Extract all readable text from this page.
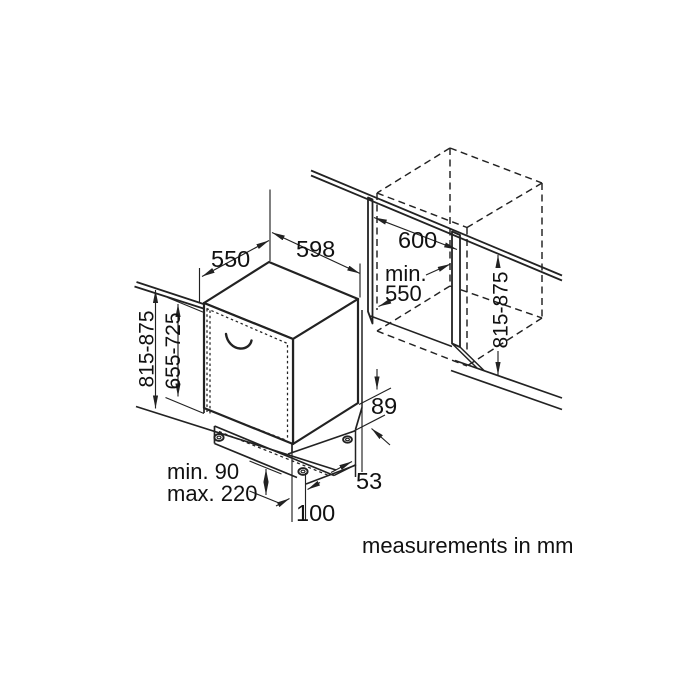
550 598	600
min.
550
815-875 655-725
815-875
89
53
min. 90
max. 220
100
measurements in mm
